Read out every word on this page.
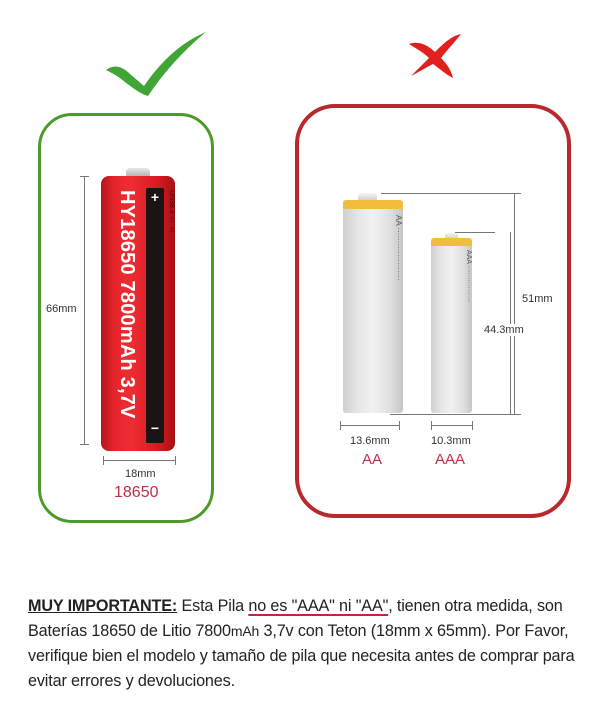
+
−
HY18650 7800mAh 3,7V	UN38.3 ⚠ ⚠
66mm
18mm
18650
AA ····················	AAA ················	51mm
44.3mm
13.6mm
AA
10.3mm
AAA
MUY IMPORTANTE: Esta Pila no es "AAA" ni "AA", tienen otra medida, son Baterías 18650 de Litio 7800mAh 3,7v con Teton (18mm x 65mm). Por Favor, verifique bien el modelo y tamaño de pila que necesita antes de comprar para evitar errores y devoluciones.
